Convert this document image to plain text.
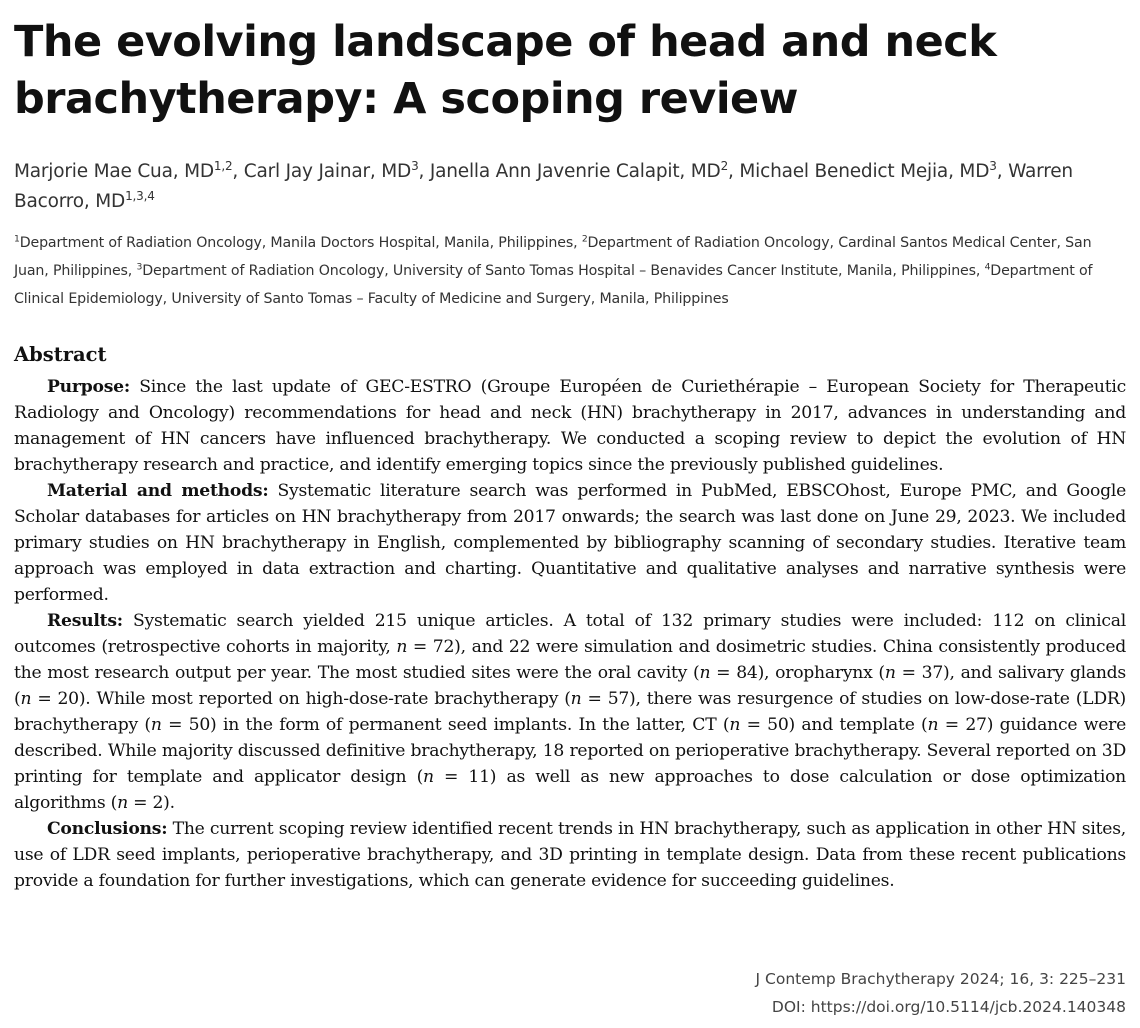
The evolving landscape of head and neck brachytherapy: A scoping review
Marjorie Mae Cua, MD$^{1,2}$, Carl Jay Jainar, $MD^3$, Janella Ann Javenrie Calapit, $MD^2$, Michael Benedict Mejia, $MD^3$, Warren Bacorro, MD$^{1,3,4}$
$^1$Department of Radiation Oncology, Manila Doctors Hospital, Manila, Philippines, $^2$Department of Radiation Oncology, Cardinal Santos Medical Center, San Juan, Philippines, $^3$Department of Radiation Oncology, University of Santo Tomas Hospital – Benavides Cancer Institute, Manila, Philippines, $^4$Department of Clinical Epidemiology, University of Santo Tomas – Faculty of Medicine and Surgery, Manila, Philippines
Abstract

Purpose: Since the last update of GEC-ESTRO (Groupe Européen de Curiethérapie – European Society for Therapeutic Radiology and Oncology) recommendations for head and neck (HN) brachytherapy in 2017, advances in understanding and management of HN cancers have influenced brachytherapy. We conducted a scoping review to depict the evolution of HN brachytherapy research and practice, and identify emerging topics since the previously published guidelines.

Material and methods: Systematic literature search was performed in PubMed, EBSCOhost, Europe PMC, and Google Scholar databases for articles on HN brachytherapy from 2017 onwards; the search was last done on June 29, 2023. We included primary studies on HN brachytherapy in English, complemented by bibliography scanning of secondary studies. Iterative team approach was employed in data extraction and charting. Quantitative and qualitative analyses and narrative synthesis were performed.

Results: Systematic search yielded 215 unique articles. A total of 132 primary studies were included: 112 on clinical outcomes (retrospective cohorts in majority, n = 72), and 22 were simulation and dosimetric studies. China consistently produced the most research output per year. The most studied sites were the oral cavity (n = 84), oropharynx (n = 37), and salivary glands (n = 20). While most reported on high-dose-rate brachytherapy (n = 57), there was resurgence of studies on low-dose-rate (LDR) brachytherapy (n = 50) in the form of permanent seed implants. In the latter, CT (n = 50) and template (n = 27) guidance were described. While majority discussed definitive brachytherapy, 18 reported on perioperative brachytherapy. Several reported on 3D printing for template and applicator design (n = 11) as well as new approaches to dose calculation or dose optimization algorithms (n = 2).

Conclusions: The current scoping review identified recent trends in HN brachytherapy, such as application in other HN sites, use of LDR seed implants, perioperative brachytherapy, and 3D printing in template design. Data from these recent publications provide a foundation for further investigations, which can generate evidence for succeeding guidelines.

J Contemp Brachytherapy 2024; 16, 3: 225–231
DOI: https://doi.org/10.5114/jcb.2024.140348
